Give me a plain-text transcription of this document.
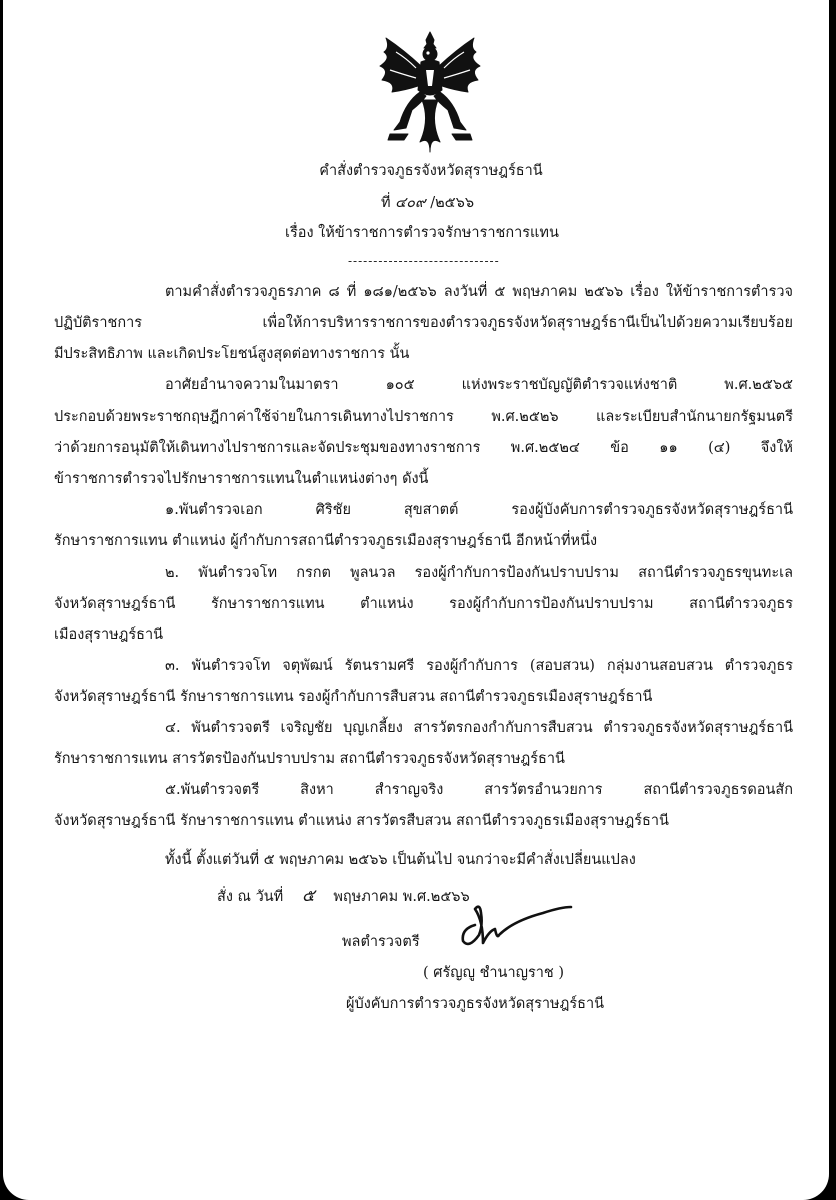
คำสั่งตำรวจภูธรจังหวัดสุราษฎร์ธานี
ที่ ๔๐๙ /๒๕๖๖
เรื่อง ให้ข้าราชการตำรวจรักษาราชการแทน
------------------------------
ตามคำสั่งตำรวจภูธรภาค ๘ ที่ ๑๘๑/๒๕๖๖ ลงวันที่ ๕ พฤษภาคม ๒๕๖๖ เรื่อง ให้ข้าราชการตำรวจ
ปฏิบัติราชการ เพื่อให้การบริหารราชการของตำรวจภูธรจังหวัดสุราษฎร์ธานีเป็นไปด้วยความเรียบร้อย
มีประสิทธิภาพ และเกิดประโยชน์สูงสุดต่อทางราชการ นั้น
อาศัยอำนาจความในมาตรา ๑๐๕ แห่งพระราชบัญญัติตำรวจแห่งชาติ พ.ศ.๒๕๖๕
ประกอบด้วยพระราชกฤษฎีกาค่าใช้จ่ายในการเดินทางไปราชการ พ.ศ.๒๕๒๖ และระเบียบสำนักนายกรัฐมนตรี
ว่าด้วยการอนุมัติให้เดินทางไปราชการและจัดประชุมของทางราชการ พ.ศ.๒๕๒๔ ข้อ ๑๑ (๔) จึงให้
ข้าราชการตำรวจไปรักษาราชการแทนในตำแหน่งต่างๆ ดังนี้
๑.พันตำรวจเอก ศิริชัย สุขสาตต์ รองผู้บังคับการตำรวจภูธรจังหวัดสุราษฎร์ธานี
รักษาราชการแทน ตำแหน่ง ผู้กำกับการสถานีตำรวจภูธรเมืองสุราษฎร์ธานี อีกหน้าที่หนึ่ง
๒. พันตำรวจโท กรกต พูลนวล รองผู้กำกับการป้องกันปราบปราม สถานีตำรวจภูธรขุนทะเล
จังหวัดสุราษฎร์ธานี รักษาราชการแทน ตำแหน่ง รองผู้กำกับการป้องกันปราบปราม สถานีตำรวจภูธร
เมืองสุราษฎร์ธานี
๓. พันตำรวจโท จตุพัฒน์ รัตนรามศรี รองผู้กำกับการ (สอบสวน) กลุ่มงานสอบสวน ตำรวจภูธร
จังหวัดสุราษฎร์ธานี รักษาราชการแทน รองผู้กำกับการสืบสวน สถานีตำรวจภูธรเมืองสุราษฎร์ธานี
๔. พันตำรวจตรี เจริญชัย บุญเกลี้ยง สารวัตรกองกำกับการสืบสวน ตำรวจภูธรจังหวัดสุราษฎร์ธานี
รักษาราชการแทน สารวัตรป้องกันปราบปราม สถานีตำรวจภูธรจังหวัดสุราษฎร์ธานี
๕.พันตำรวจตรี สิงหา สำราญจริง สารวัตรอำนวยการ สถานีตำรวจภูธรดอนสัก
จังหวัดสุราษฎร์ธานี รักษาราชการแทน ตำแหน่ง สารวัตรสืบสวน สถานีตำรวจภูธรเมืองสุราษฎร์ธานี
ทั้งนี้ ตั้งแต่วันที่ ๕ พฤษภาคม ๒๕๖๖ เป็นต้นไป จนกว่าจะมีคำสั่งเปลี่ยนแปลง
สั่ง ณ วันที่ ๕ พฤษภาคม พ.ศ.๒๕๖๖
พลตำรวจตรี
( ศรัญญู ชำนาญราช )
ผู้บังคับการตำรวจภูธรจังหวัดสุราษฎร์ธานี
